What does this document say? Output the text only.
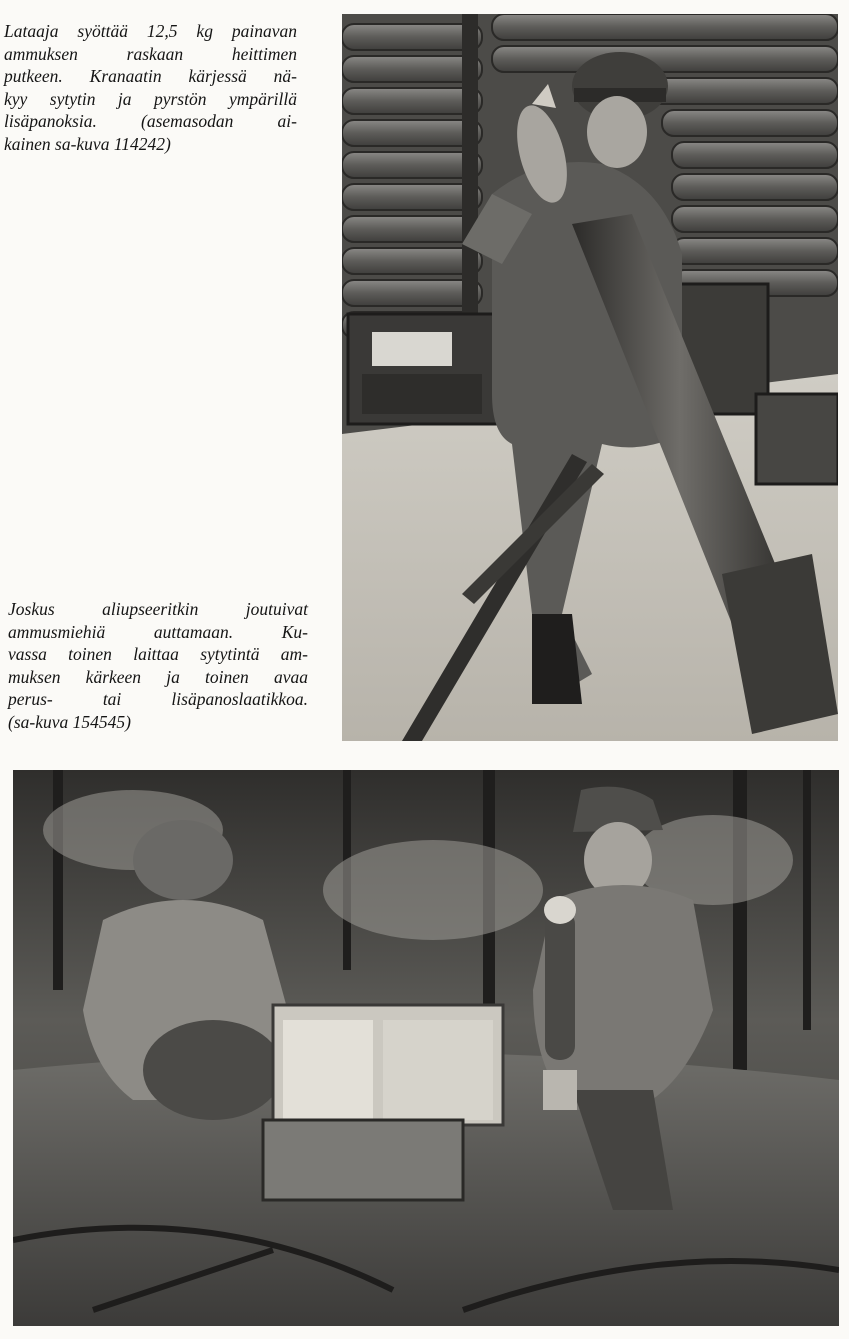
Lataaja syöttää 12,5 kg painavan
ammuksen raskaan heittimen
putkeen. Kranaatin kärjessä nä-
kyy sytytin ja pyrstön ympärillä
lisäpanoksia. (asemasodan ai-
kainen sa-kuva 114242)
Joskus aliupseeritkin joutuivat
ammusmiehiä auttamaan. Ku-
vassa toinen laittaa sytytintä am-
muksen kärkeen ja toinen avaa
perus- tai lisäpanoslaatikkoa.
(sa-kuva 154545)
